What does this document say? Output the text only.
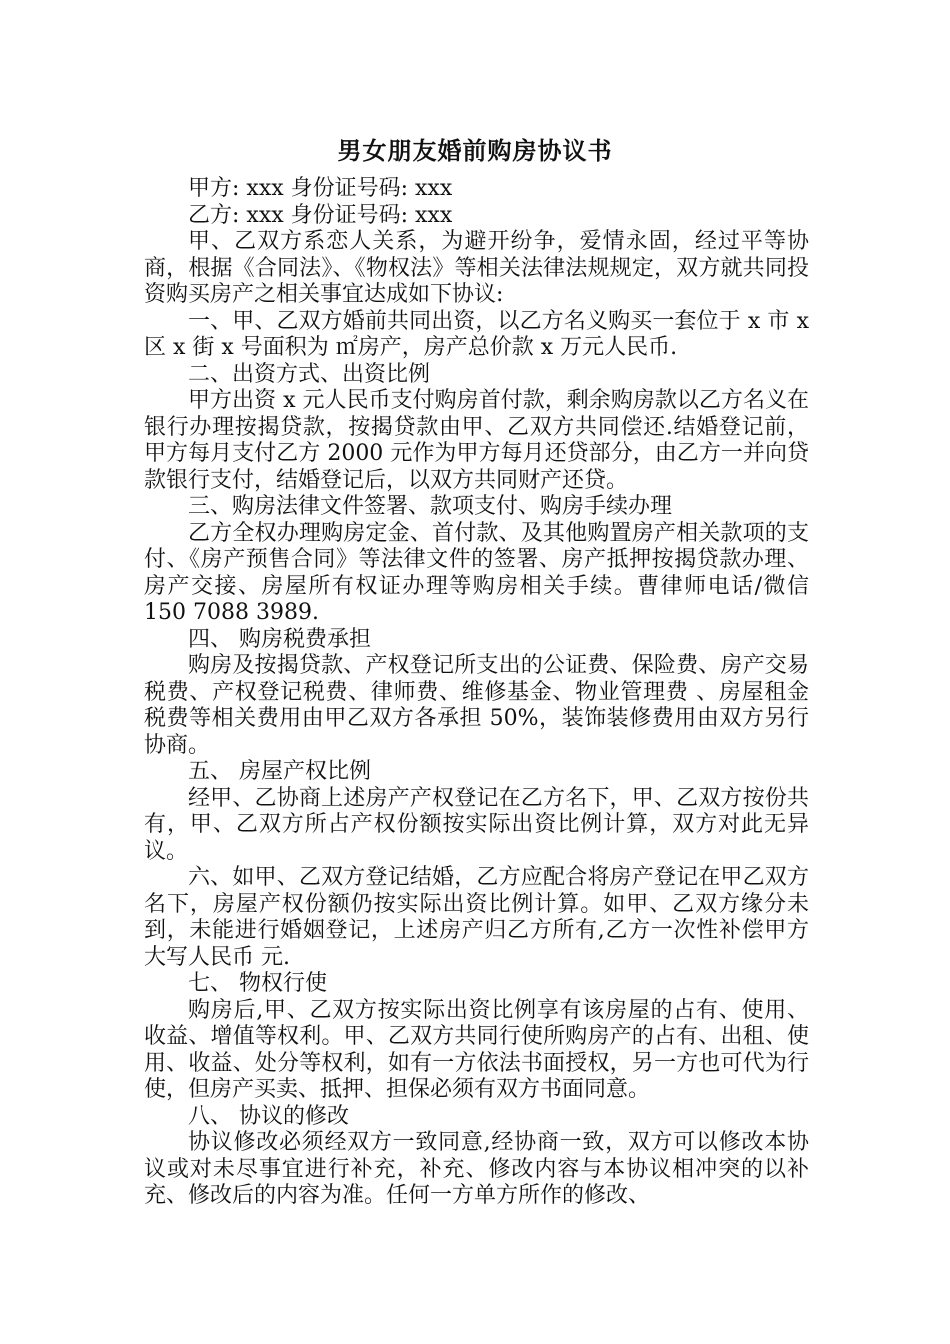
男女朋友婚前购房协议书

甲方: xxx 身份证号码: xxx

乙方: xxx 身份证号码: xxx

甲、乙双方系恋人关系，为避开纷争，爱情永固，经过平等协商，根据《合同法》、《物权法》等相关法律法规规定，双方就共同投资购买房产之相关事宜达成如下协议:

一、甲、乙双方婚前共同出资，以乙方名义购买一套位于 x 市 x 区 x 街 x 号面积为 ㎡房产，房产总价款 x 万元人民币.

二、出资方式、出资比例

甲方出资 x 元人民币支付购房首付款，剩余购房款以乙方名义在银行办理按揭贷款，按揭贷款由甲、乙双方共同偿还.结婚登记前，甲方每月支付乙方 2000 元作为甲方每月还贷部分，由乙方一并向贷款银行支付，结婚登记后，以双方共同财产还贷。

三、购房法律文件签署、款项支付、购房手续办理

乙方全权办理购房定金、首付款、及其他购置房产相关款项的支付、《房产预售合同》等法律文件的签署、房产抵押按揭贷款办理、房产交接、房屋所有权证办理等购房相关手续。曹律师电话/微信 150 7088 3989.

四、 购房税费承担

购房及按揭贷款、产权登记所支出的公证费、保险费、房产交易税费、产权登记税费、律师费、维修基金、物业管理费 、房屋租金税费等相关费用由甲乙双方各承担 50%，装饰装修费用由双方另行协商。

五、 房屋产权比例

经甲、乙协商上述房产产权登记在乙方名下，甲、乙双方按份共有，甲、乙双方所占产权份额按实际出资比例计算，双方对此无异议。

六、如甲、乙双方登记结婚，乙方应配合将房产登记在甲乙双方名下，房屋产权份额仍按实际出资比例计算。如甲、乙双方缘分未到，未能进行婚姻登记，上述房产归乙方所有,乙方一次性补偿甲方大写人民币 元.

七、 物权行使

购房后,甲、乙双方按实际出资比例享有该房屋的占有、使用、收益、增值等权利。甲、乙双方共同行使所购房产的占有、出租、使用、收益、处分等权利，如有一方依法书面授权，另一方也可代为行使，但房产买卖、抵押、担保必须有双方书面同意。

八、 协议的修改

协议修改必须经双方一致同意,经协商一致，双方可以修改本协议或对未尽事宜进行补充，补充、修改内容与本协议相冲突的以补充、修改后的内容为准。任何一方单方所作的修改、
